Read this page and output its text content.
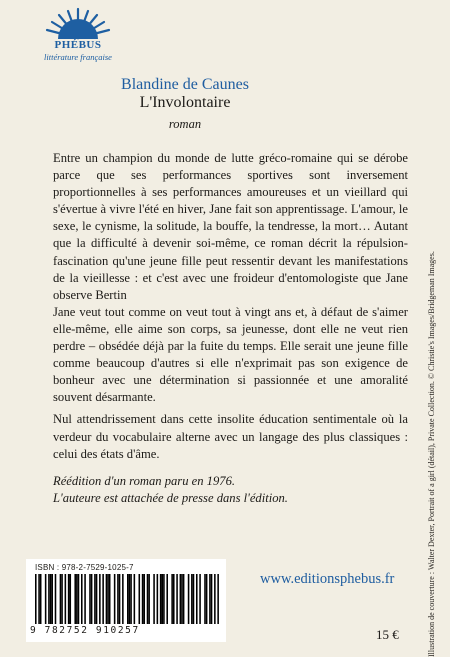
PHÉBUS
littérature française
Blandine de Caunes
L'Involontaire
roman

Entre un champion du monde de lutte gréco-romaine qui se dérobe parce que ses performances sportives sont inversement proportionnelles à ses performances amoureuses et un vieillard qui s'évertue à vivre l'été en hiver, Jane fait son apprentissage. L'amour, le sexe, le cynisme, la solitude, la bouffe, la tendresse, la mort… Autant que la difficulté à devenir soi-même, ce roman décrit la répulsion-fascination qu'une jeune fille peut ressentir devant les manifestations de la vieillesse : et c'est avec une froideur d'entomologiste que Jane observe Bertin

Jane veut tout comme on veut tout à vingt ans et, à défaut de s'aimer elle-même, elle aime son corps, sa jeunesse, dont elle ne veut rien perdre – obsédée déjà par la fuite du temps. Elle serait une jeune fille comme beaucoup d'autres si elle n'exprimait pas son exigence de bonheur avec une détermination si passionnée et une amoralité souvent désarmante.

Nul attendrissement dans cette insolite éducation sentimentale où la verdeur du vocabulaire alterne avec un langage des plus classiques : celui des états d'âme.

Réédition d'un roman paru en 1976.

L'auteure est attachée de presse dans l'édition.

ISBN : 978-2-7529-1025-7
9 782752 910257
www.editionsphebus.fr
15 €	Illustration de couverture : Walter Dexter, Portrait of a girl (détail), Private Collection. © Christie's Images/Bridgeman Images.
